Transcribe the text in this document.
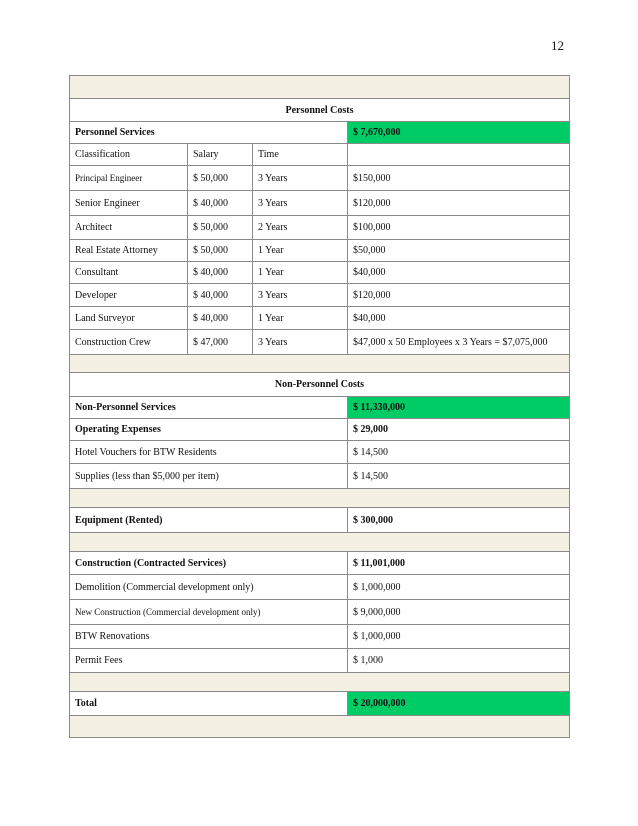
12

Personnel Costs			
Personnel Services			$ 7,670,000
Classification	Salary	Time	
Principal Engineer	$ 50,000	3 Years	$150,000
Senior Engineer	$ 40,000	3 Years	$120,000
Architect	$ 50,000	2 Years	$100,000
Real Estate Attorney	$ 50,000	1 Year	$50,000
Consultant	$ 40,000	1 Year	$40,000
Developer	$ 40,000	3 Years	$120,000
Land Surveyor	$ 40,000	1 Year	$40,000
Construction Crew	$ 47,000	3 Years	$47,000 x 50 Employees x 3 Years = $7,075,000

Non-Personnel Costs			
Non-Personnel Services			$ 11,330,000
Operating Expenses			$ 29,000
Hotel Vouchers for BTW Residents			$ 14,500
Supplies (less than $5,000 per item)			$ 14,500

Equipment (Rented)			$ 300,000

Construction (Contracted Services)			$ 11,001,000
Demolition (Commercial development only)			$ 1,000,000
New Construction (Commercial development only)			$ 9,000,000
BTW Renovations			$ 1,000,000
Permit Fees			$ 1,000

Total			$ 20,000,000
